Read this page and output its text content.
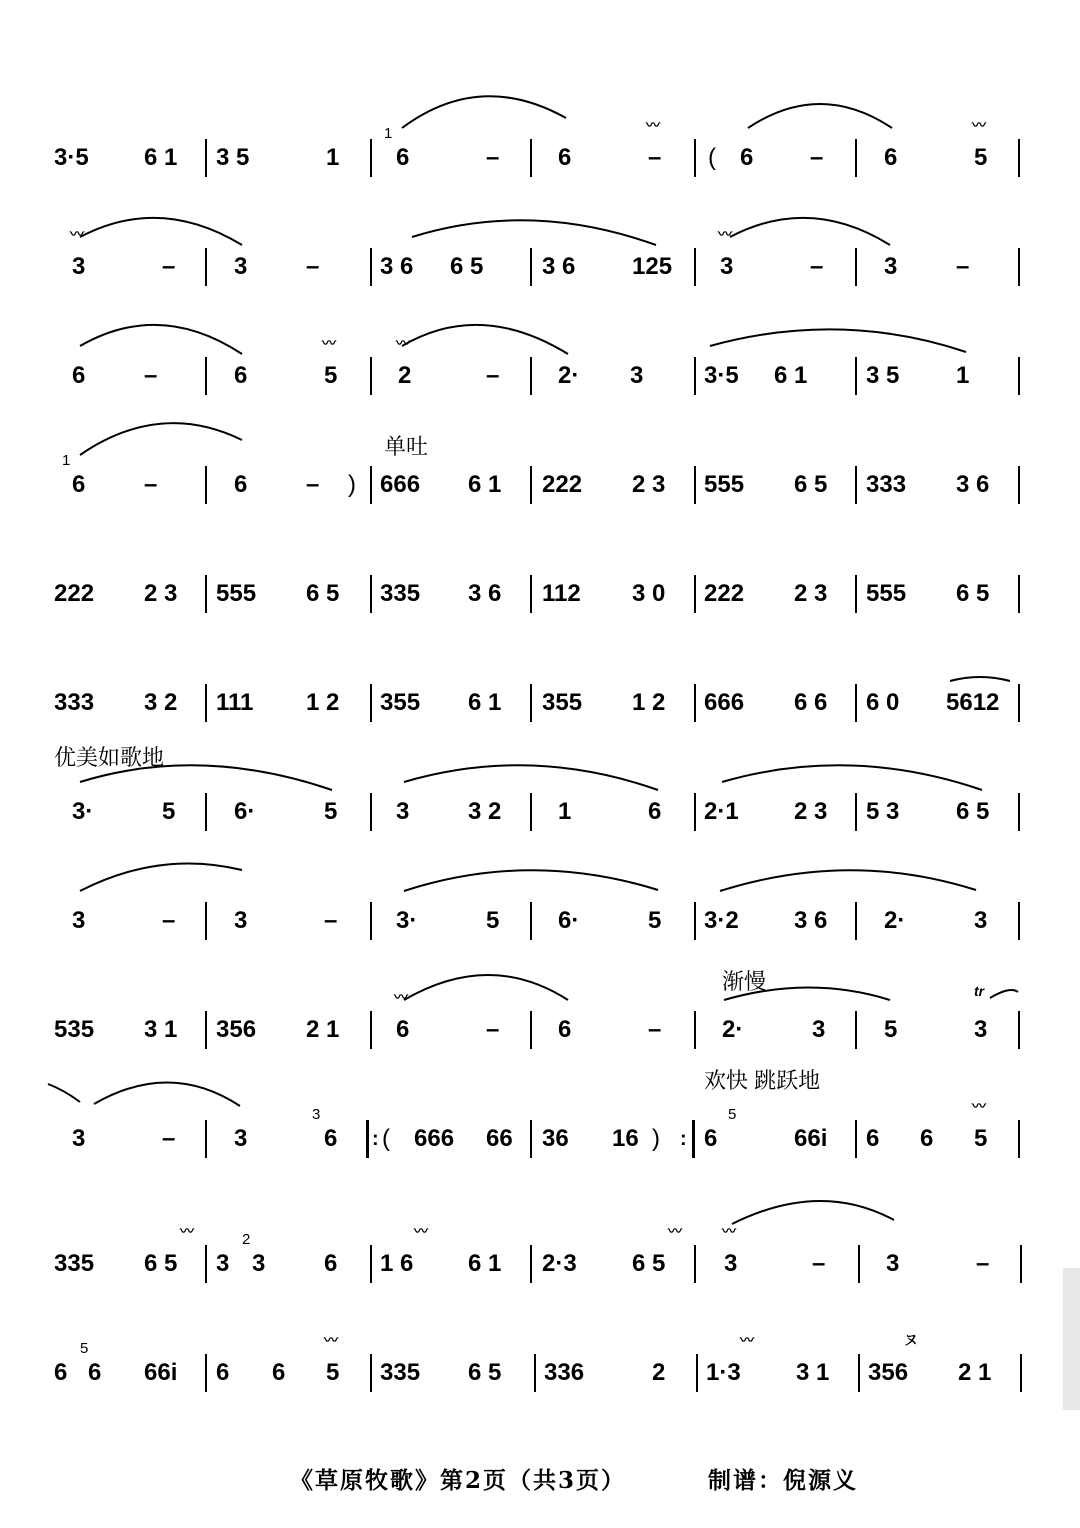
3·5 6 1 3 5	1
1
6	– 6
〰
– ( 6 –	6
〰
5
〰
3	– 3 –	3 6 6 5 3 6 125
〰
3	–	3 –
6 –	6
〰
5
〰
2	– 2· 3	3·5 6 1 3 5 1
单吐
1
6 –	6 – ) 666 6 1 222 2 3 555 6 5 333 3 6
222 2 3 555 6 5 335 3 6 112 3 0 222 2 3 555 6 5
333 3 2 111 1 2 355 6 1 355 1 2 666 6 6 6 0 5612
优美如歌地
3·	5 6·	5 3 3 2 1	6 2·1 2 3 5 3 6 5
3	– 3	– 3·	5 6·	5 3·2 3 6 2·	3
渐慢
535 3 1 356 2 1
〰
6	– 6	–	2·	3 5
tr
3
欢快 跳跃地
3	– 3
3
6 : ( 666 66 36 16 ) :
5
6	66i 6 6
〰
5
335
〰
6 5 3
2
3 6
〰
1 6 6 1 2·3
〰
6 5
〰
3	–	3	–
6
5
6 66i 6 6
〰
5 335 6 5 336	2
〰
1·3 3 1
ヌ
356 2 1
《草原牧歌》第2页（共3页）	制谱：倪源义
